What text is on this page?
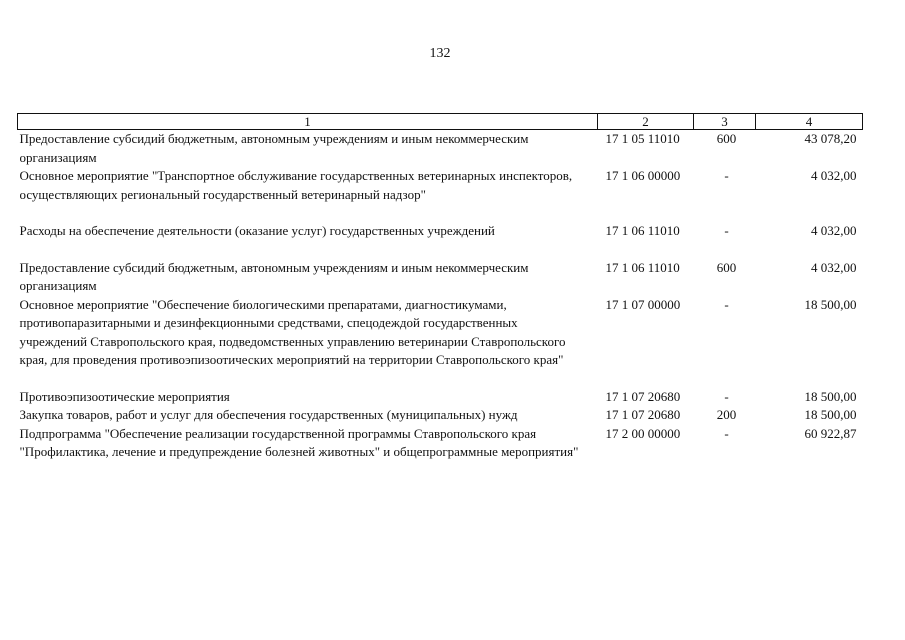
132
1	2	3	4
Предоставление субсидий бюджетным, автономным учреждениям и иным некоммерческим организациям	17 1 05 11010	600	43 078,20
Основное мероприятие "Транспортное обслуживание государственных ветеринарных инспекторов, осуществляющих региональный государственный ветеринарный надзор"	17 1 06 00000	-	4 032,00
Расходы на обеспечение деятельности (оказание услуг) государственных учреждений	17 1 06 11010	-	4 032,00
Предоставление субсидий бюджетным, автономным учреждениям и иным некоммерческим организациям	17 1 06 11010	600	4 032,00
Основное мероприятие "Обеспечение биологическими препаратами, диагностикумами, противопаразитарными и дезинфекционными средствами, спецодеждой государственных учреждений Ставропольского края, подведомственных управлению ветеринарии Ставропольского края, для проведения противоэпизоотических мероприятий на территории Ставропольского края"	17 1 07 00000	-	18 500,00
Противоэпизоотические мероприятия	17 1 07 20680	-	18 500,00
Закупка товаров, работ и услуг для обеспечения государственных (муниципальных) нужд	17 1 07 20680	200	18 500,00
Подпрограмма "Обеспечение реализации государственной программы Ставропольского края "Профилактика, лечение и предупреждение болезней животных" и общепрограммные мероприятия"	17 2 00 00000	-	60 922,87
